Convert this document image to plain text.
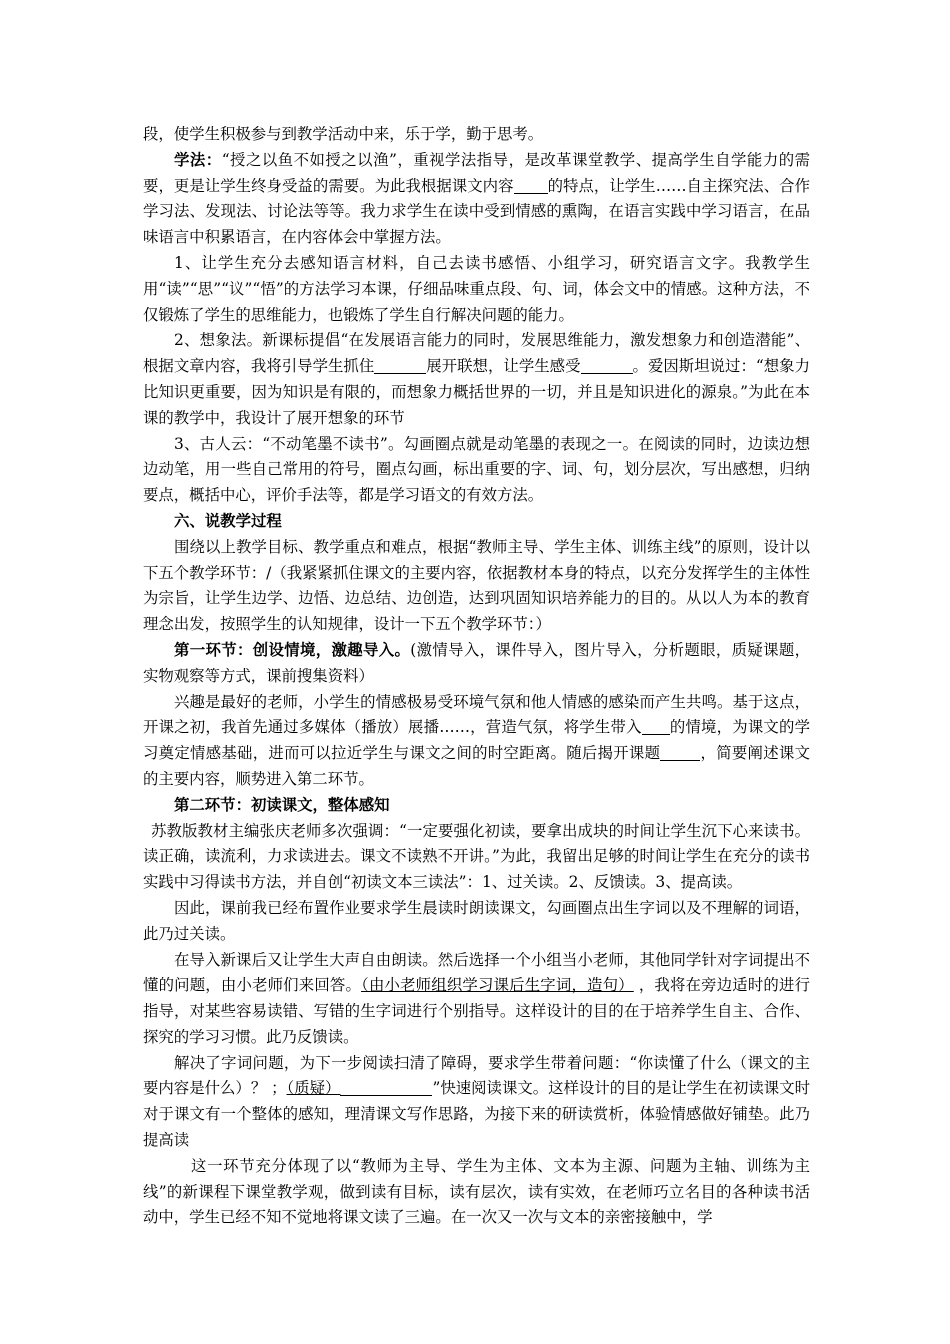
段，使学生积极参与到教学活动中来，乐于学，勤于思考。

学法：“授之以鱼不如授之以渔”，重视学法指导，是改革课堂教学、提高学生自学能力的需要，更是让学生终身受益的需要。为此我根据课文内容 的特点，让学生……自主探究法、合作学习法、发现法、讨论法等等。我力求学生在读中受到情感的熏陶，在语言实践中学习语言，在品味语言中积累语言，在内容体会中掌握方法。

1、让学生充分去感知语言材料，自己去读书感悟、小组学习，研究语言文字。我教学生用“读”“思”“议”“悟”的方法学习本课，仔细品味重点段、句、词，体会文中的情感。这种方法，不仅锻炼了学生的思维能力，也锻炼了学生自行解决问题的能力。

2、想象法。新课标提倡“在发展语言能力的同时，发展思维能力，激发想象力和创造潜能”、根据文章内容，我将引导学生抓住	展开联想，让学生感受	。爱因斯坦说过：“想象力比知识更重要，因为知识是有限的，而想象力概括世界的一切，并且是知识进化的源泉。”为此在本课的教学中，我设计了展开想象的环节

3、古人云：“不动笔墨不读书”。勾画圈点就是动笔墨的表现之一。在阅读的同时，边读边想边动笔，用一些自己常用的符号，圈点勾画，标出重要的字、词、句，划分层次，写出感想，归纳要点，概括中心，评价手法等，都是学习语文的有效方法。

六、说教学过程

围绕以上教学目标、教学重点和难点，根据“教师主导、学生主体、训练主线”的原则，设计以下五个教学环节：/（我紧紧抓住课文的主要内容，依据教材本身的特点，以充分发挥学生的主体性为宗旨，让学生边学、边悟、边总结、边创造，达到巩固知识培养能力的目的。从以人为本的教育理念出发，按照学生的认知规律，设计一下五个教学环节：）

第一环节：创设情境，激趣导入。(激情导入，课件导入，图片导入，分析题眼，质疑课题，实物观察等方式，课前搜集资料）

兴趣是最好的老师，小学生的情感极易受环境气氛和他人情感的感染而产生共鸣。基于这点，开课之初，我首先通过多媒体（播放）展播……，营造气氛，将学生带入 的情境，为课文的学习奠定情感基础，进而可以拉近学生与课文之间的时空距离。随后揭开课题	，简要阐述课文的主要内容，顺势进入第二环节。

第二环节：初读课文，整体感知

苏教版教材主编张庆老师多次强调：“一定要强化初读，要拿出成块的时间让学生沉下心来读书。读正确，读流利，力求读进去。课文不读熟不开讲。”为此，我留出足够的时间让学生在充分的读书实践中习得读书方法，并自创“初读文本三读法”：1、过关读。2、反馈读。3、提高读。

因此，课前我已经布置作业要求学生晨读时朗读课文，勾画圈点出生字词以及不理解的词语，此乃过关读。

在导入新课后又让学生大声自由朗读。然后选择一个小组当小老师，其他同学针对字词提出不懂的问题，由小老师们来回答。（由小老师组织学习课后生字词，造句） ，我将在旁边适时的进行指导，对某些容易读错、写错的生字词进行个别指导。这样设计的目的在于培养学生自主、合作、探究的学习习惯。此乃反馈读。

解决了字词问题，为下一步阅读扫清了障碍，要求学生带着问题：“你读懂了什么（课文的主要内容是什么）？ ；（质疑）	”快速阅读课文。这样设计的目的是让学生在初读课文时对于课文有一个整体的感知，理清课文写作思路，为接下来的研读赏析，体验情感做好铺垫。此乃提高读

这一环节充分体现了以“教师为主导、学生为主体、文本为主源、问题为主轴、训练为主线”的新课程下课堂教学观，做到读有目标，读有层次，读有实效，在老师巧立名目的各种读书活动中，学生已经不知不觉地将课文读了三遍。在一次又一次与文本的亲密接触中，学
